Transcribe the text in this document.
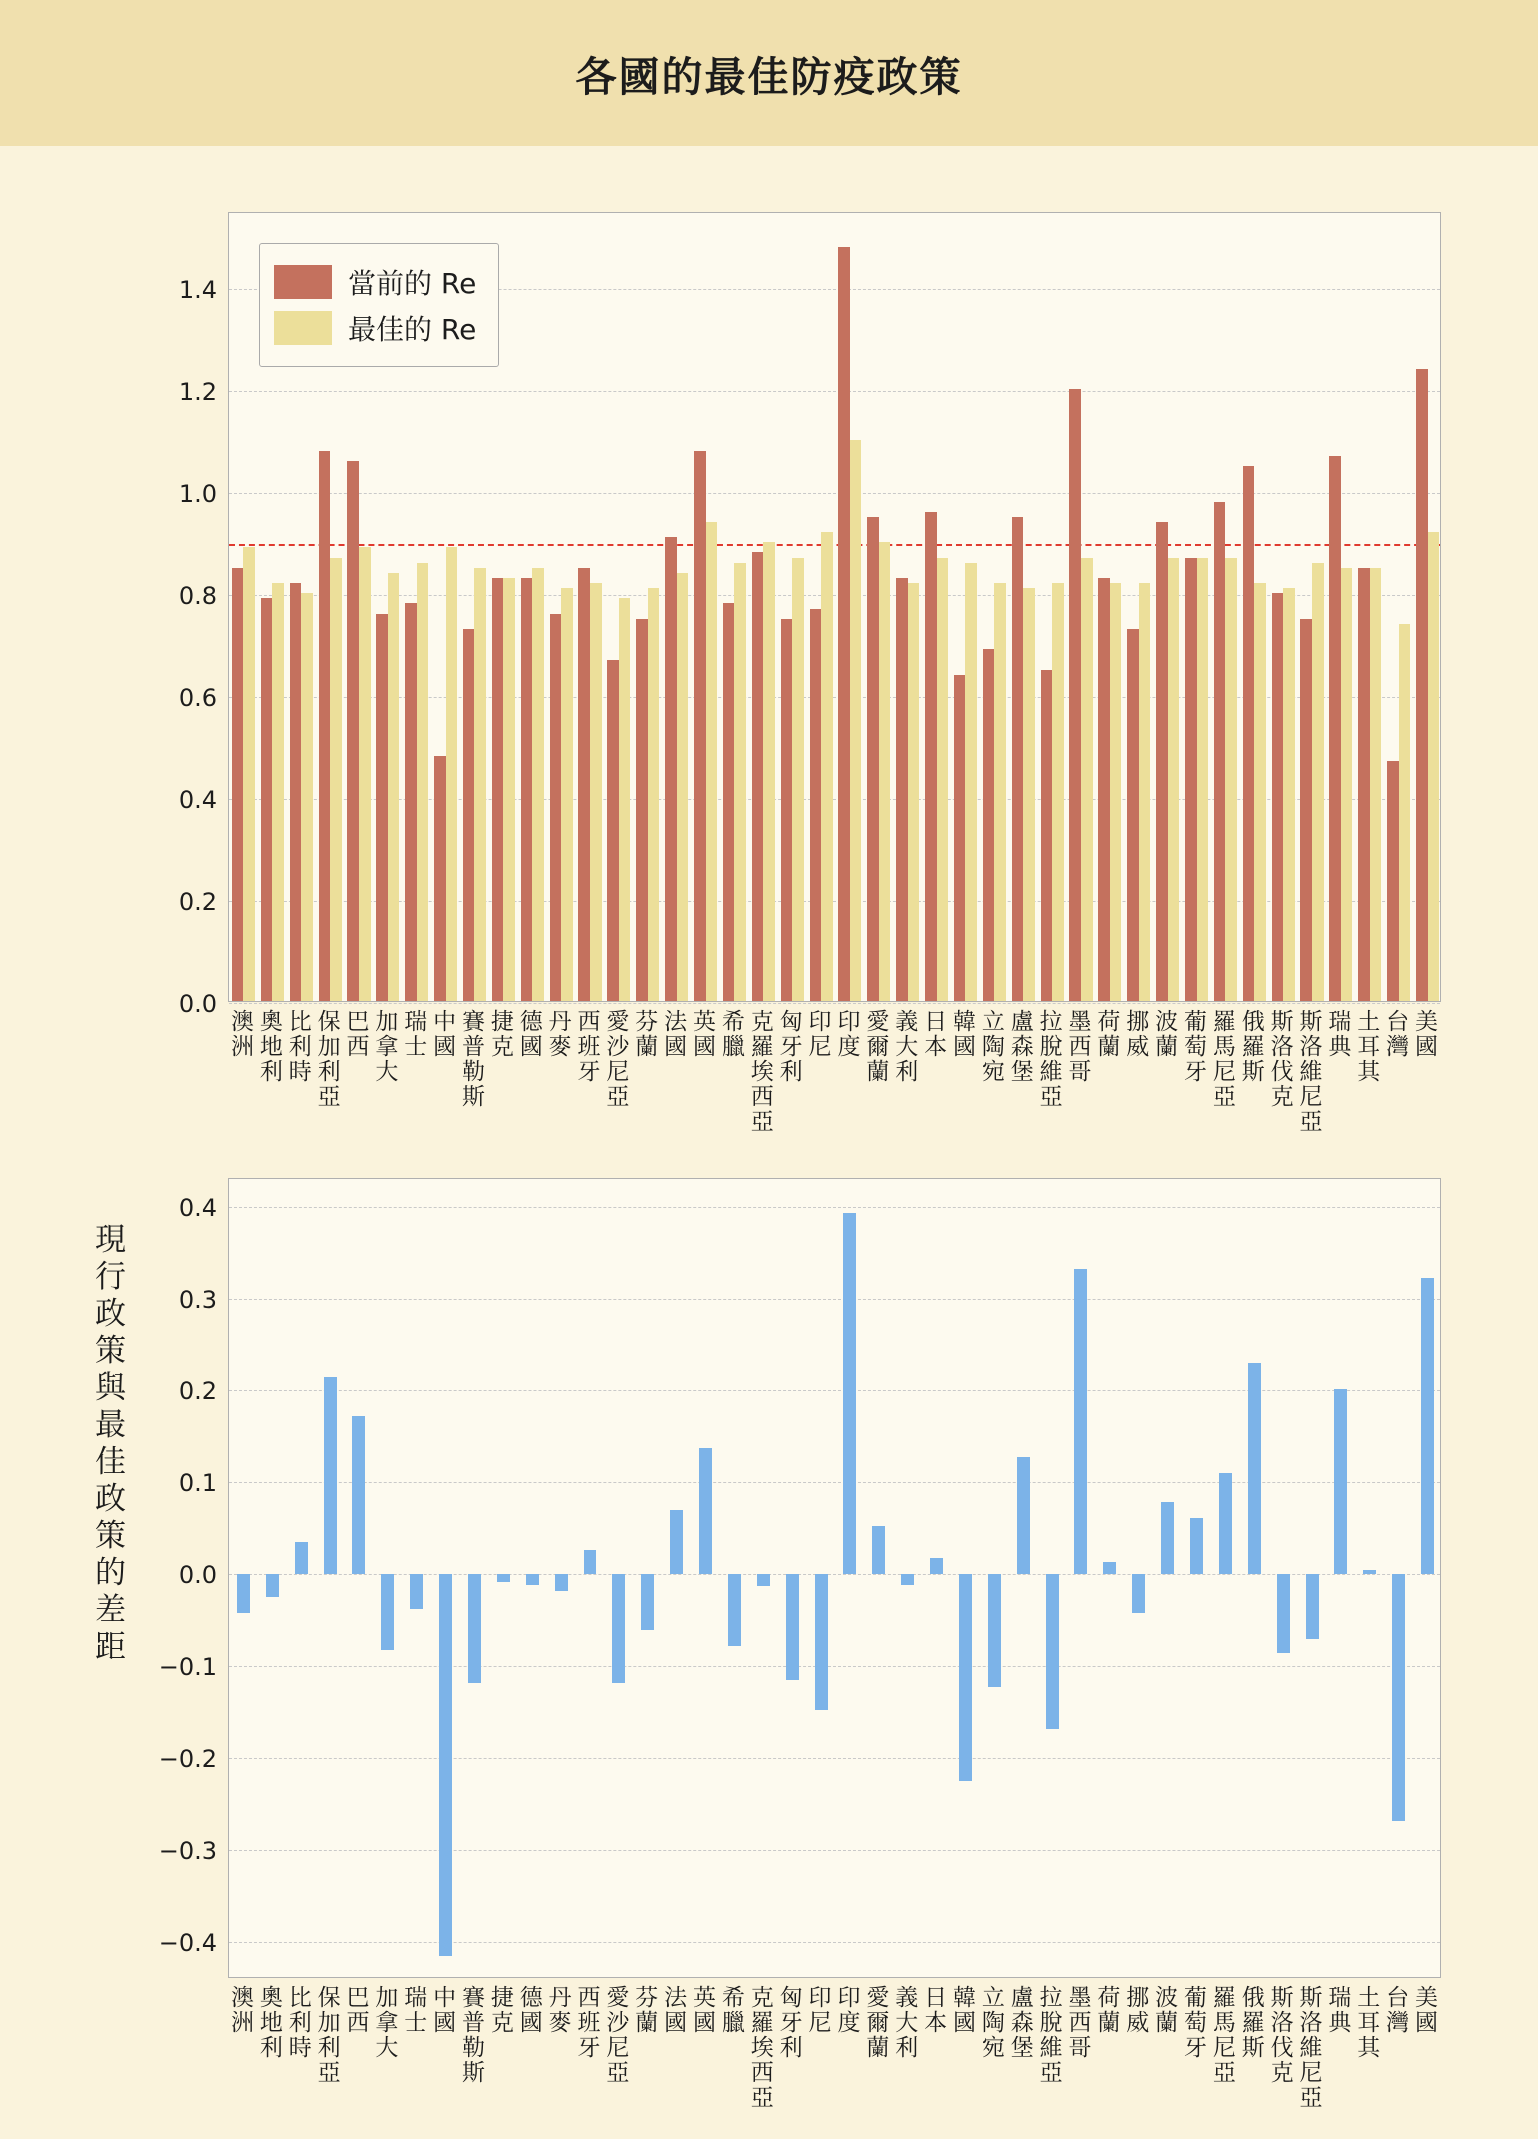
各國的最佳防疫政策
現行政策與最佳政策的差距
0.0
0.2
0.4
0.6
0.8
1.0
1.2
1.4	當前的 Re
最佳的 Re
澳洲
奧地利
比利時
保加利亞
巴西
加拿大
瑞士
中國
賽普勒斯
捷克
德國
丹麥
西班牙
愛沙尼亞
芬蘭
法國
英國
希臘
克羅埃西亞
匈牙利
印尼
印度
愛爾蘭
義大利
日本
韓國
立陶宛
盧森堡
拉脫維亞
墨西哥
荷蘭
挪威
波蘭
葡萄牙
羅馬尼亞
俄羅斯
斯洛伐克
斯洛維尼亞
瑞典
土耳其
台灣
美國
−0.4
−0.3
−0.2
−0.1
0.0
0.1
0.2
0.3
0.4
澳洲
奧地利
比利時
保加利亞
巴西
加拿大
瑞士
中國
賽普勒斯
捷克
德國
丹麥
西班牙
愛沙尼亞
芬蘭
法國
英國
希臘
克羅埃西亞
匈牙利
印尼
印度
愛爾蘭
義大利
日本
韓國
立陶宛
盧森堡
拉脫維亞
墨西哥
荷蘭
挪威
波蘭
葡萄牙
羅馬尼亞
俄羅斯
斯洛伐克
斯洛維尼亞
瑞典
土耳其
台灣
美國
